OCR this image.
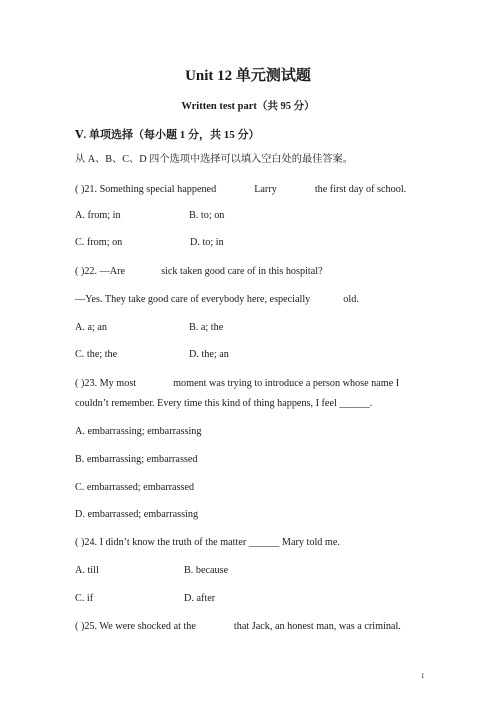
Unit 12 单元测试题
Written test part（共 95 分）
Ⅴ. 单项选择（每小题 1 分，共 15 分）
从 A、B、C、D 四个选项中选择可以填入空白处的最佳答案。
( )21. Something special happened	Larry	the first day of school.
A. from; in	B. to; on
C. from; on	D. to; in
( )22. —Are	sick taken good care of in this hospital?
—Yes. They take good care of everybody here, especially	old.
A. a; an	B. a; the
C. the; the	D. the; an
( )23. My most	moment was trying to introduce a person whose name I
couldn’t remember. Every time this kind of thing happens, I feel ______.
A. embarrassing; embarrassing
B. embarrassing; embarrassed
C. embarrassed; embarrassed
D. embarrassed; embarrassing
( )24. I didn’t know the truth of the matter ______ Mary told me.
A. till	B. because
C. if	D. after
( )25. We were shocked at the	that Jack, an honest man, was a criminal.
1
